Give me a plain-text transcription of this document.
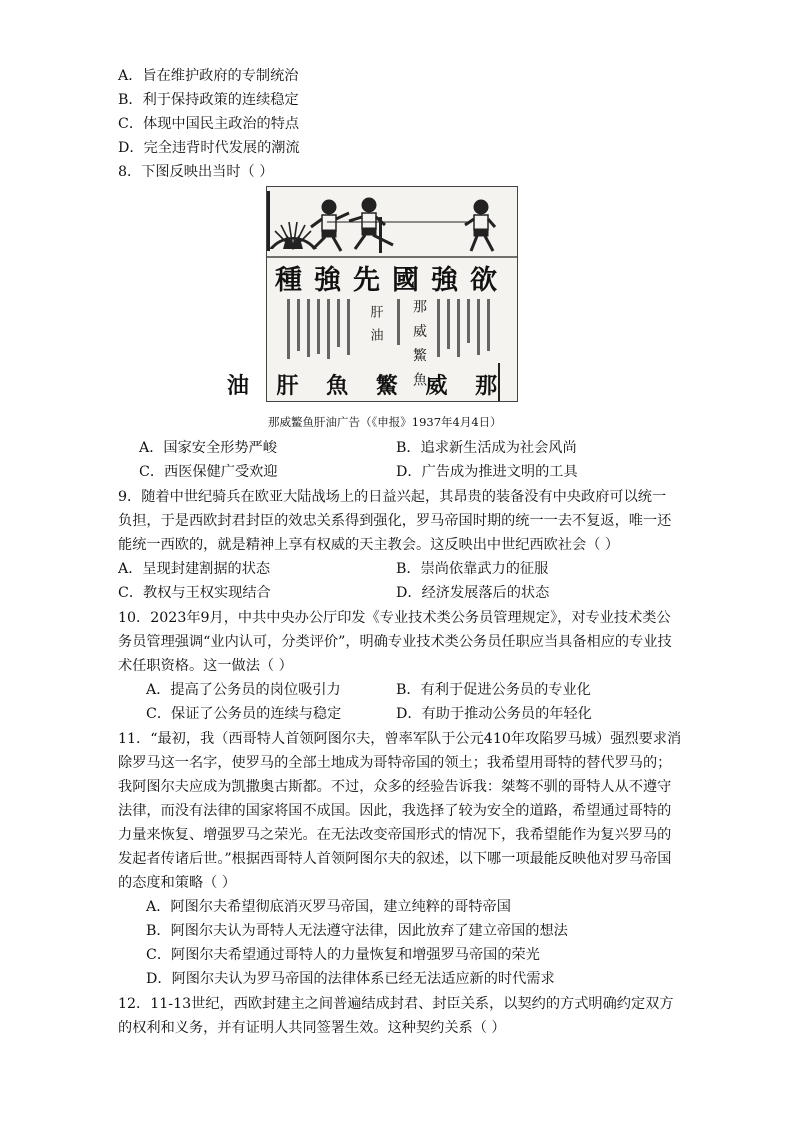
A．旨在维护政府的专制统治
B．利于保持政策的连续稳定
C．体现中国民主政治的特点
D．完全违背时代发展的潮流
8．下图反映出当时（ ）
種強先國強欲
那 威 鰵 魚
肝 油
油 肝 魚 鰵 威 那
那威鳘鱼肝油广告（《申报》1937年4月4日）
A．国家安全形势严峻	B．追求新生活成为社会风尚
C．西医保健广受欢迎	D．广告成为推进文明的工具
9．随着中世纪骑兵在欧亚大陆战场上的日益兴起，其昂贵的装备没有中央政府可以统一
负担，于是西欧封君封臣的效忠关系得到强化，罗马帝国时期的统一一去不复返，唯一还
能统一西欧的，就是精神上享有权威的天主教会。这反映出中世纪西欧社会（ ）
A．呈现封建割据的状态	B．崇尚依靠武力的征服
C．教权与王权实现结合	D．经济发展落后的状态
10．2023年9月，中共中央办公厅印发《专业技术类公务员管理规定》，对专业技术类公
务员管理强调“业内认可，分类评价”，明确专业技术类公务员任职应当具备相应的专业技
术任职资格。这一做法（ ）
A．提高了公务员的岗位吸引力	B．有利于促进公务员的专业化
C．保证了公务员的连续与稳定	D．有助于推动公务员的年轻化
11．“最初，我（西哥特人首领阿图尔夫，曾率军队于公元410年攻陷罗马城）强烈要求消
除罗马这一名字，使罗马的全部土地成为哥特帝国的领土；我希望用哥特的替代罗马的；
我阿图尔夫应成为凯撒奥古斯都。不过，众多的经验告诉我：桀骜不驯的哥特人从不遵守
法律，而没有法律的国家将国不成国。因此，我选择了较为安全的道路，希望通过哥特的
力量来恢复、增强罗马之荣光。在无法改变帝国形式的情况下，我希望能作为复兴罗马的
发起者传诸后世。”根据西哥特人首领阿图尔夫的叙述，以下哪一项最能反映他对罗马帝国
的态度和策略（ ）
A．阿图尔夫希望彻底消灭罗马帝国，建立纯粹的哥特帝国
B．阿图尔夫认为哥特人无法遵守法律，因此放弃了建立帝国的想法
C．阿图尔夫希望通过哥特人的力量恢复和增强罗马帝国的荣光
D．阿图尔夫认为罗马帝国的法律体系已经无法适应新的时代需求
12．11-13世纪，西欧封建主之间普遍结成封君、封臣关系，以契约的方式明确约定双方
的权利和义务，并有证明人共同签署生效。这种契约关系（ ）
